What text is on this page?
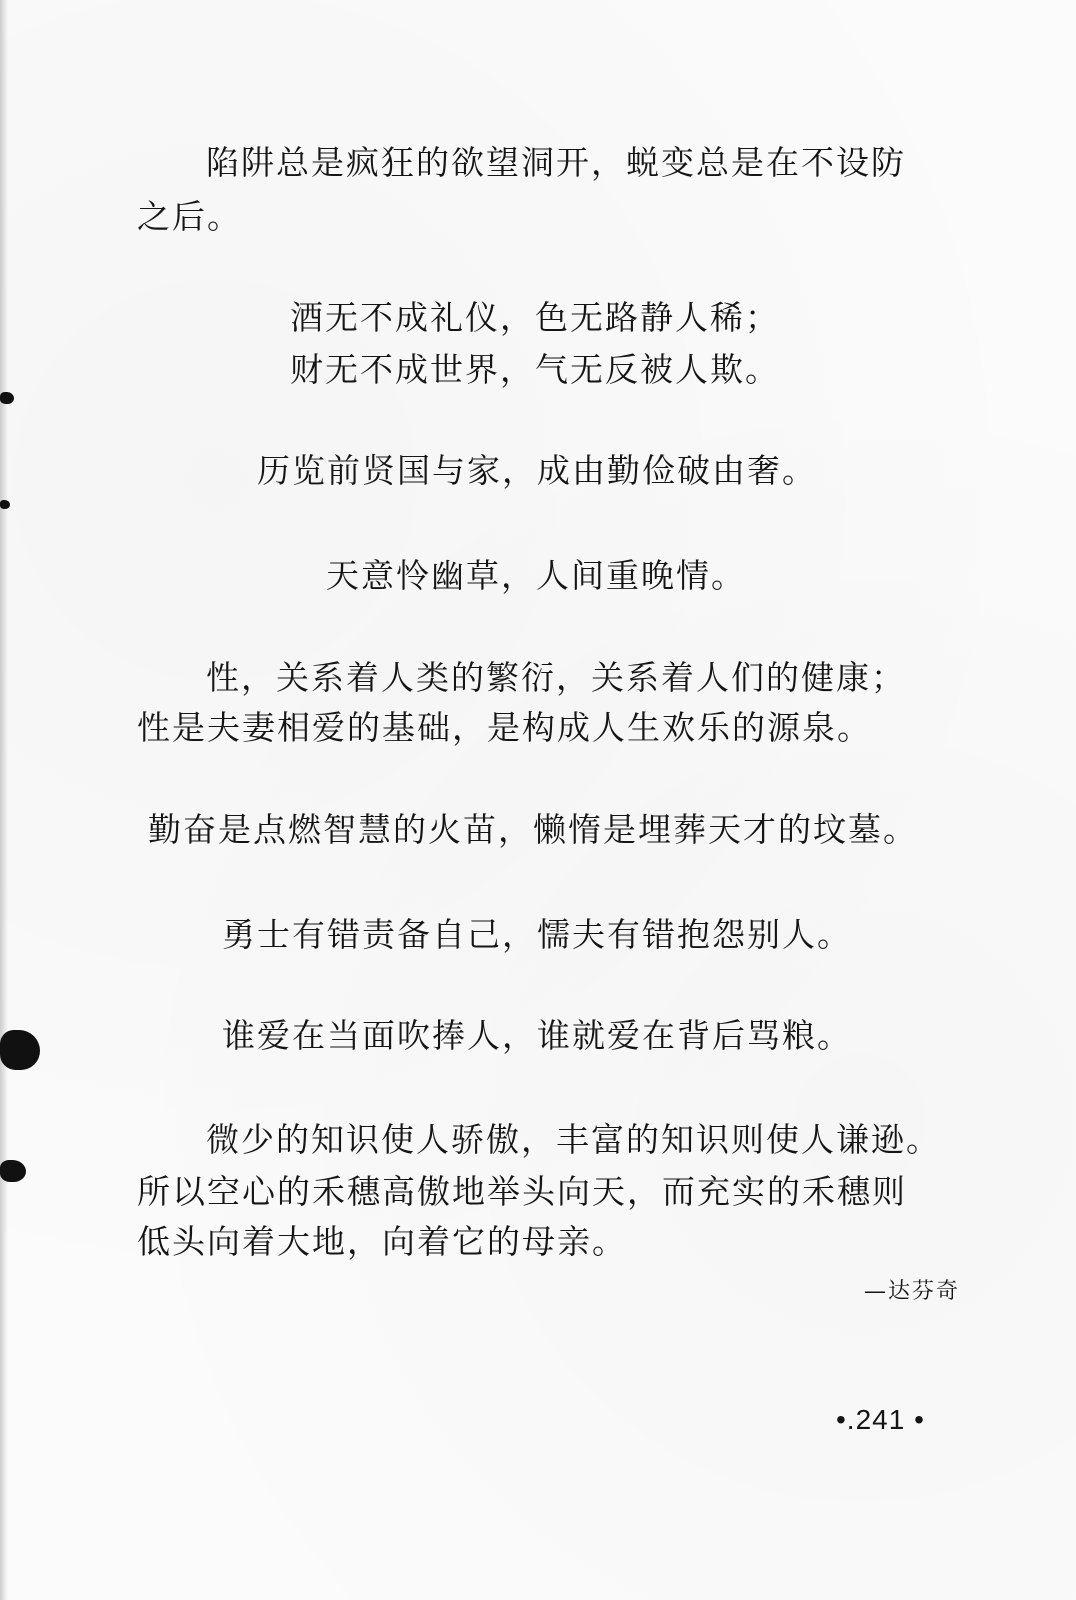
陷阱总是疯狂的欲望洞开，蜕变总是在不设防
之后。
酒无不成礼仪，色无路静人稀；
财无不成世界，气无反被人欺。
历览前贤国与家，成由勤俭破由奢。
天意怜幽草，人间重晚情。
性，关系着人类的繁衍，关系着人们的健康；
性是夫妻相爱的基础，是构成人生欢乐的源泉。
勤奋是点燃智慧的火苗，懒惰是埋葬天才的坟墓。
勇士有错责备自己，懦夫有错抱怨别人。
谁爱在当面吹捧人，谁就爱在背后骂粮。
微少的知识使人骄傲，丰富的知识则使人谦逊。
所以空心的禾穗高傲地举头向天，而充实的禾穗则
低头向着大地，向着它的母亲。
—达芬奇
•.241 •
